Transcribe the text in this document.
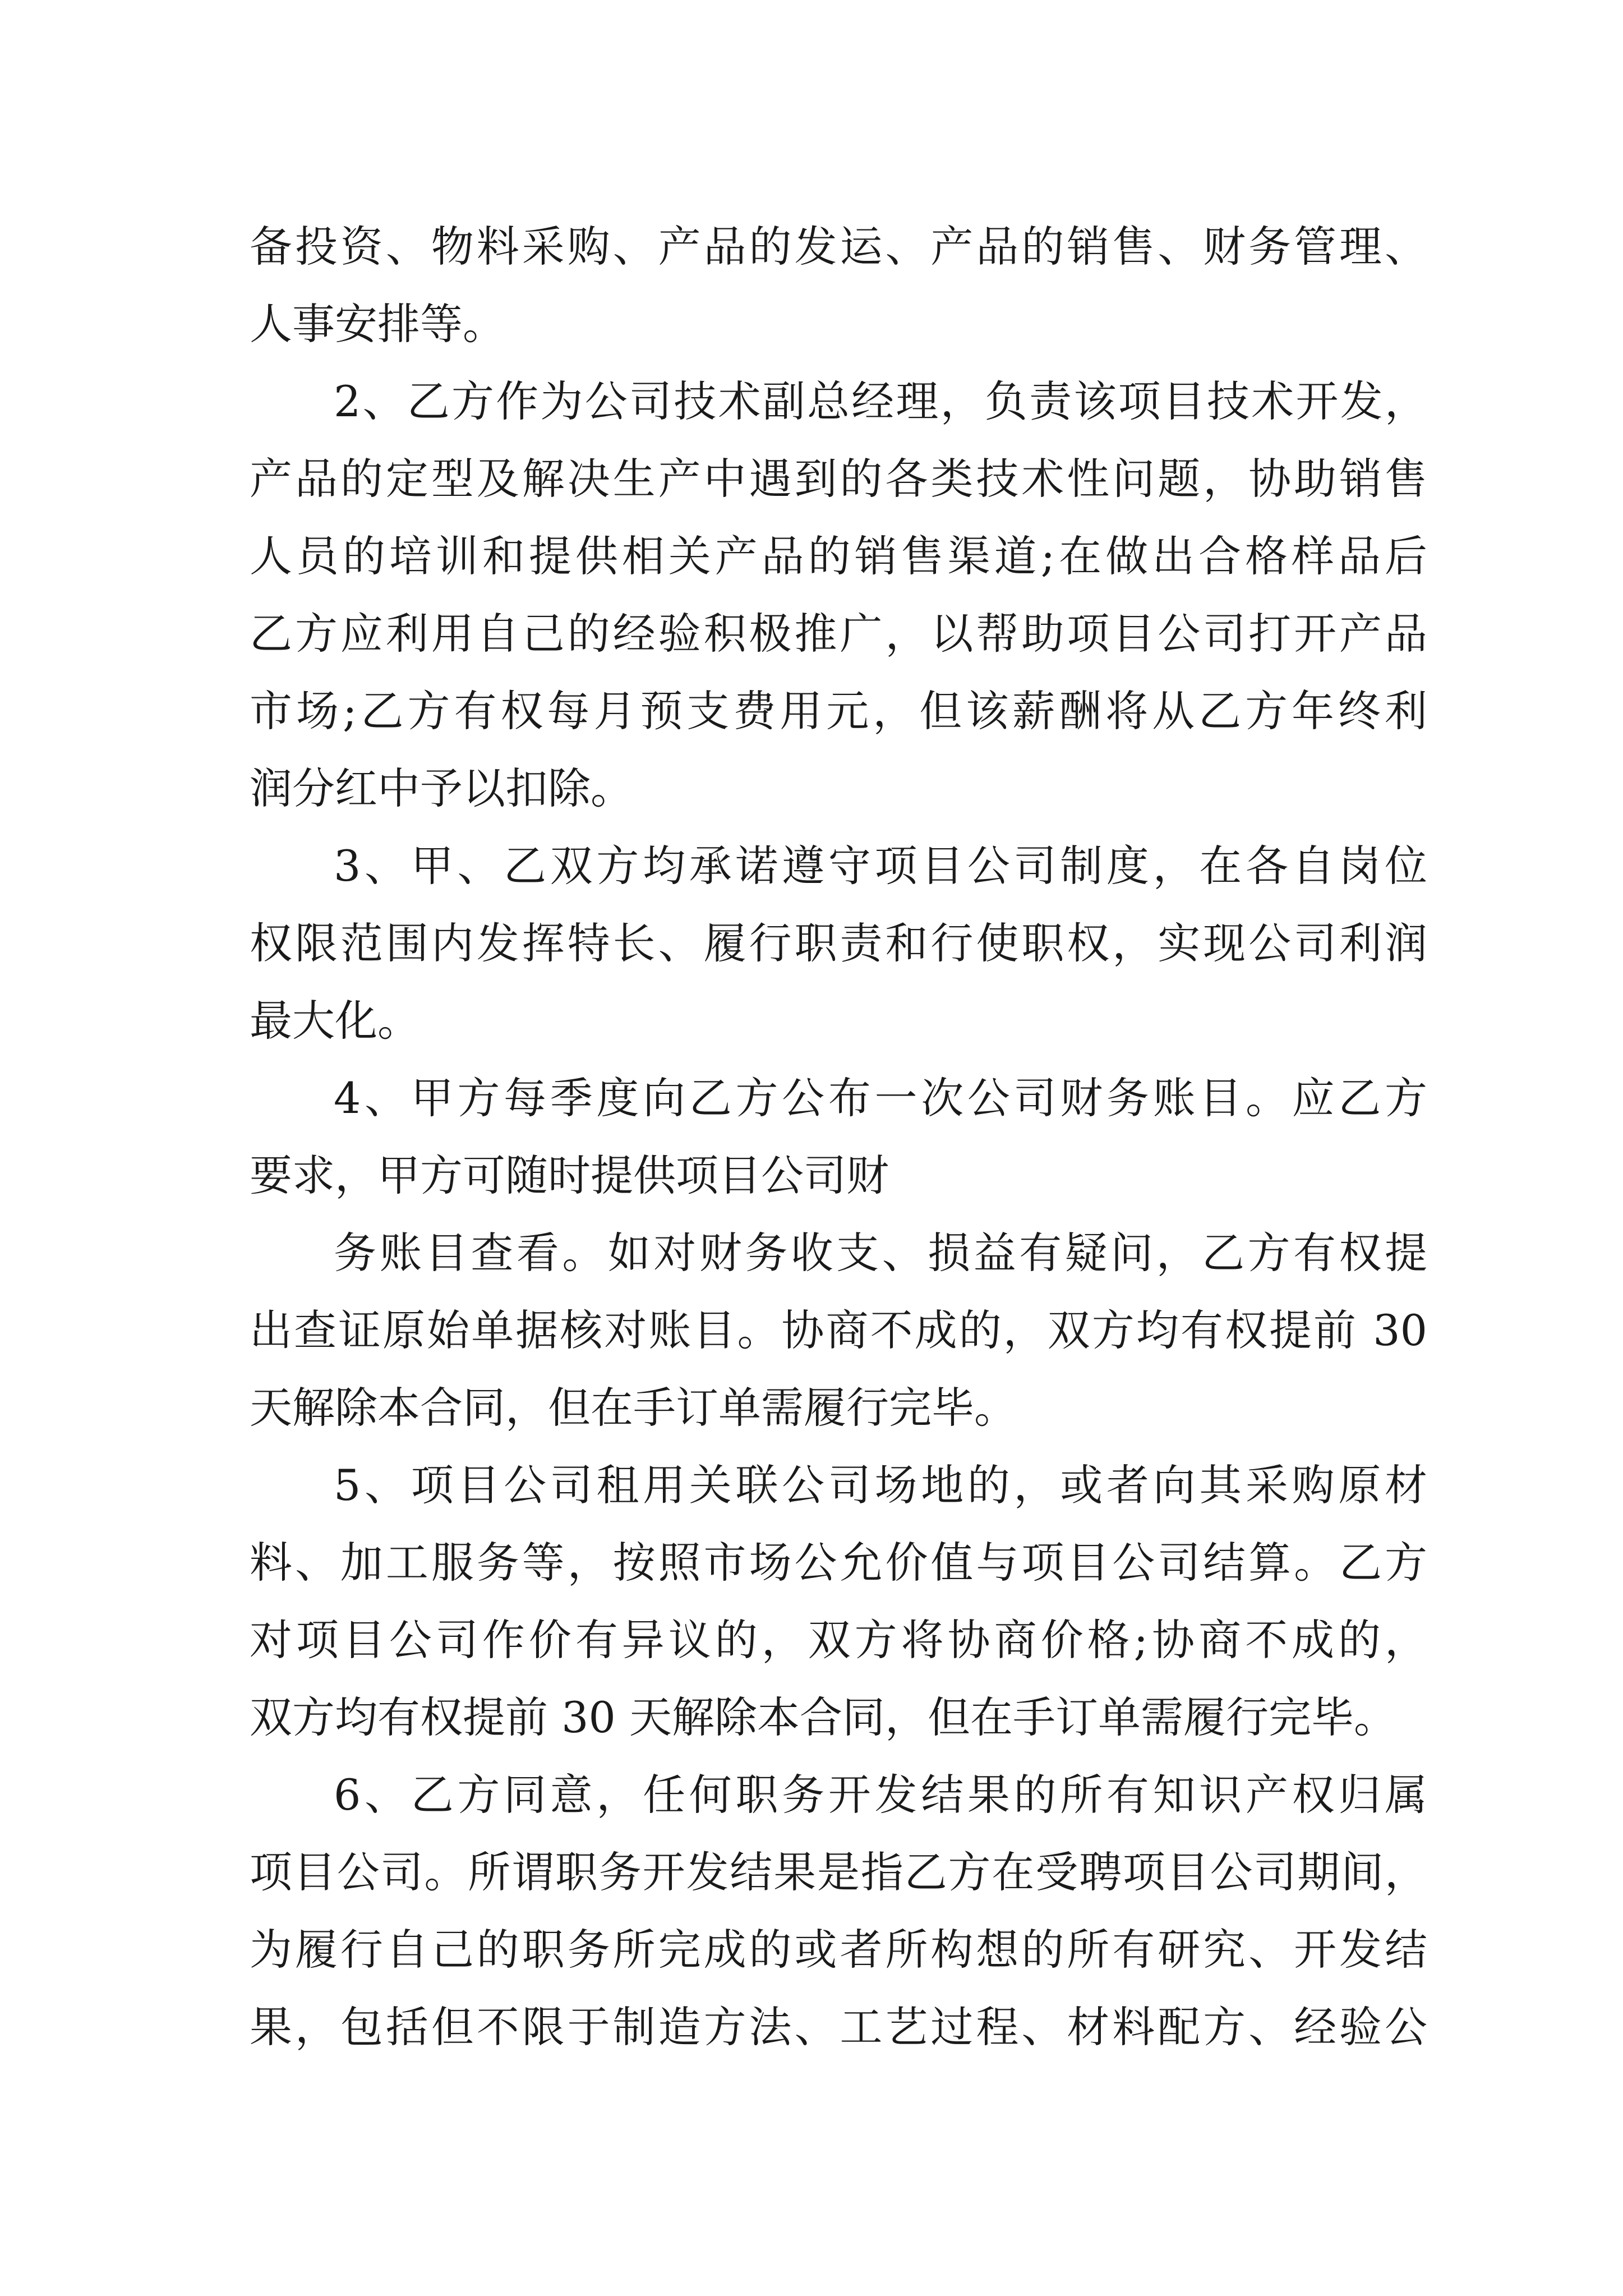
备投资、物料采购、产品的发运、产品的销售、财务管理、

人事安排等。

2、乙方作为公司技术副总经理，负责该项目技术开发，

产品的定型及解决生产中遇到的各类技术性问题，协助销售

人员的培训和提供相关产品的销售渠道;在做出合格样品后

乙方应利用自己的经验积极推广，以帮助项目公司打开产品

市场;乙方有权每月预支费用元，但该薪酬将从乙方年终利

润分红中予以扣除。

3、甲、乙双方均承诺遵守项目公司制度，在各自岗位

权限范围内发挥特长、履行职责和行使职权，实现公司利润

最大化。

4、甲方每季度向乙方公布一次公司财务账目。应乙方

要求，甲方可随时提供项目公司财

务账目查看。如对财务收支、损益有疑问，乙方有权提

出查证原始单据核对账目。协商不成的，双方均有权提前 30

天解除本合同，但在手订单需履行完毕。

5、项目公司租用关联公司场地的，或者向其采购原材

料、加工服务等，按照市场公允价值与项目公司结算。乙方

对项目公司作价有异议的，双方将协商价格;协商不成的，

双方均有权提前 30 天解除本合同，但在手订单需履行完毕。

6、乙方同意，任何职务开发结果的所有知识产权归属

项目公司。所谓职务开发结果是指乙方在受聘项目公司期间，

为履行自己的职务所完成的或者所构想的所有研究、开发结

果，包括但不限于制造方法、工艺过程、材料配方、经验公
